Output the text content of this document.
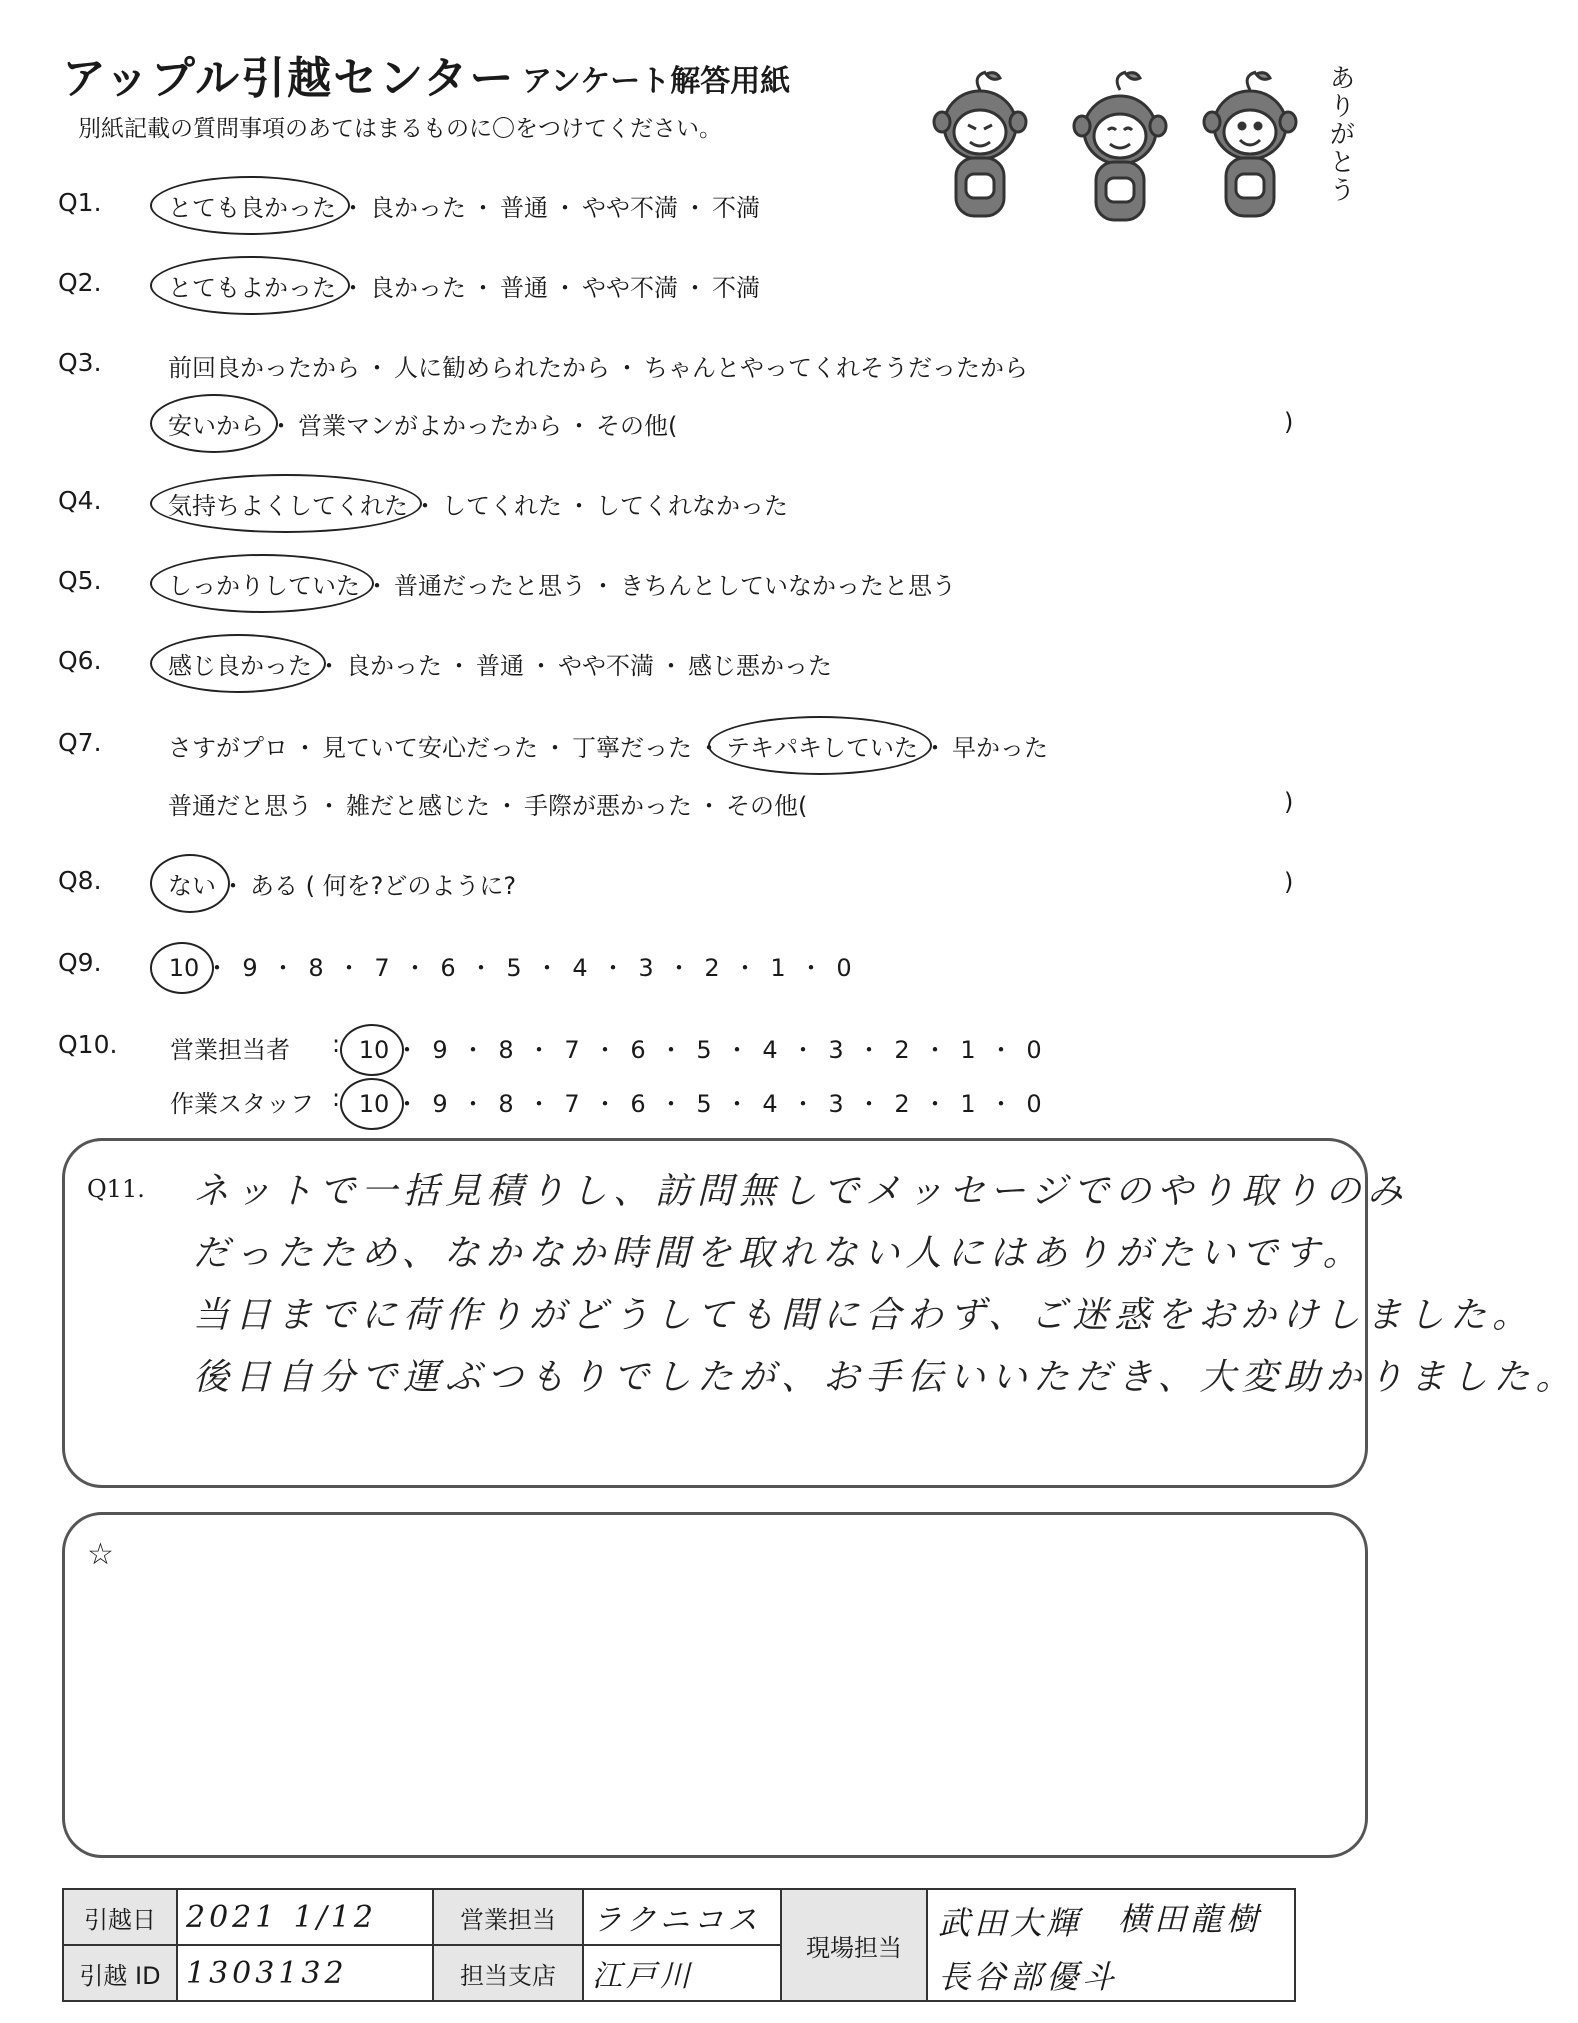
アップル引越センター アンケート解答用紙
別紙記載の質問事項のあてはまるものに〇をつけてください。	ありがとう
Q1.	とても良かった ・ 良かった ・ 普通 ・ やや不満 ・ 不満
Q2.	とてもよかった ・ 良かった ・ 普通 ・ やや不満 ・ 不満
Q3.	前回良かったから ・ 人に勧められたから ・ ちゃんとやってくれそうだったから
安いから ・ 営業マンがよかったから ・ その他(	)
Q4.	気持ちよくしてくれた ・ してくれた ・ してくれなかった
Q5.	しっかりしていた ・ 普通だったと思う ・ きちんとしていなかったと思う
Q6.	感じ良かった ・ 良かった ・ 普通 ・ やや不満 ・ 感じ悪かった
Q7.	さすがプロ ・ 見ていて安心だった ・ 丁寧だった ・ テキパキしていた ・ 早かった
普通だと思う ・ 雑だと感じた ・ 手際が悪かった ・ その他(	)
Q8.	ない ・ ある ( 何を?どのように?	)
Q9.	10 ・ 9 ・ 8 ・ 7 ・ 6 ・ 5 ・ 4 ・ 3 ・ 2 ・ 1 ・ 0
Q10. 営業担当者 : 10 ・ 9 ・ 8 ・ 7 ・ 6 ・ 5 ・ 4 ・ 3 ・ 2 ・ 1 ・ 0
作業スタッフ : 10 ・ 9 ・ 8 ・ 7 ・ 6 ・ 5 ・ 4 ・ 3 ・ 2 ・ 1 ・ 0
Q11. ネットで一括見積りし、訪問無しでメッセージでのやり取りのみ
だったため、なかなか時間を取れない人にはありがたいです。
当日までに荷作りがどうしても間に合わず、ご迷惑をおかけしました。
後日自分で運ぶつもりでしたが、お手伝いいただき、大変助かりました。
☆
引越日	2021 1/12	営業担当	ラクニコス	現場担当	武田大輝 横田龍樹
長谷部優斗

引越 ID	1303132	担当支店	江戸川		
